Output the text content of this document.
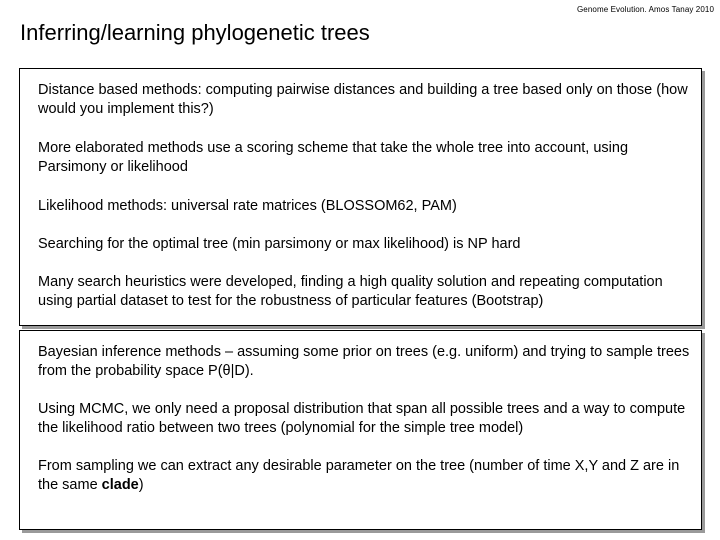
Genome Evolution. Amos Tanay 2010
Inferring/learning phylogenetic trees

Distance based methods: computing pairwise distances and building a tree based only on those (how would you implement this?)

More elaborated methods use a scoring scheme that take the whole tree into account, using Parsimony or likelihood

Likelihood methods: universal rate matrices (BLOSSOM62, PAM)

Searching for the optimal tree (min parsimony or max likelihood) is NP hard

Many search heuristics were developed, finding a high quality solution and repeating computation using partial dataset to test for the robustness of particular features (Bootstrap)

Bayesian inference methods – assuming some prior on trees (e.g. uniform) and trying to sample trees from the probability space P(θ|D).

Using MCMC, we only need a proposal distribution that span all possible trees and a way to compute the likelihood ratio between two trees (polynomial for the simple tree model)

From sampling we can extract any desirable parameter on the tree (number of time X,Y and Z are in the same clade)
